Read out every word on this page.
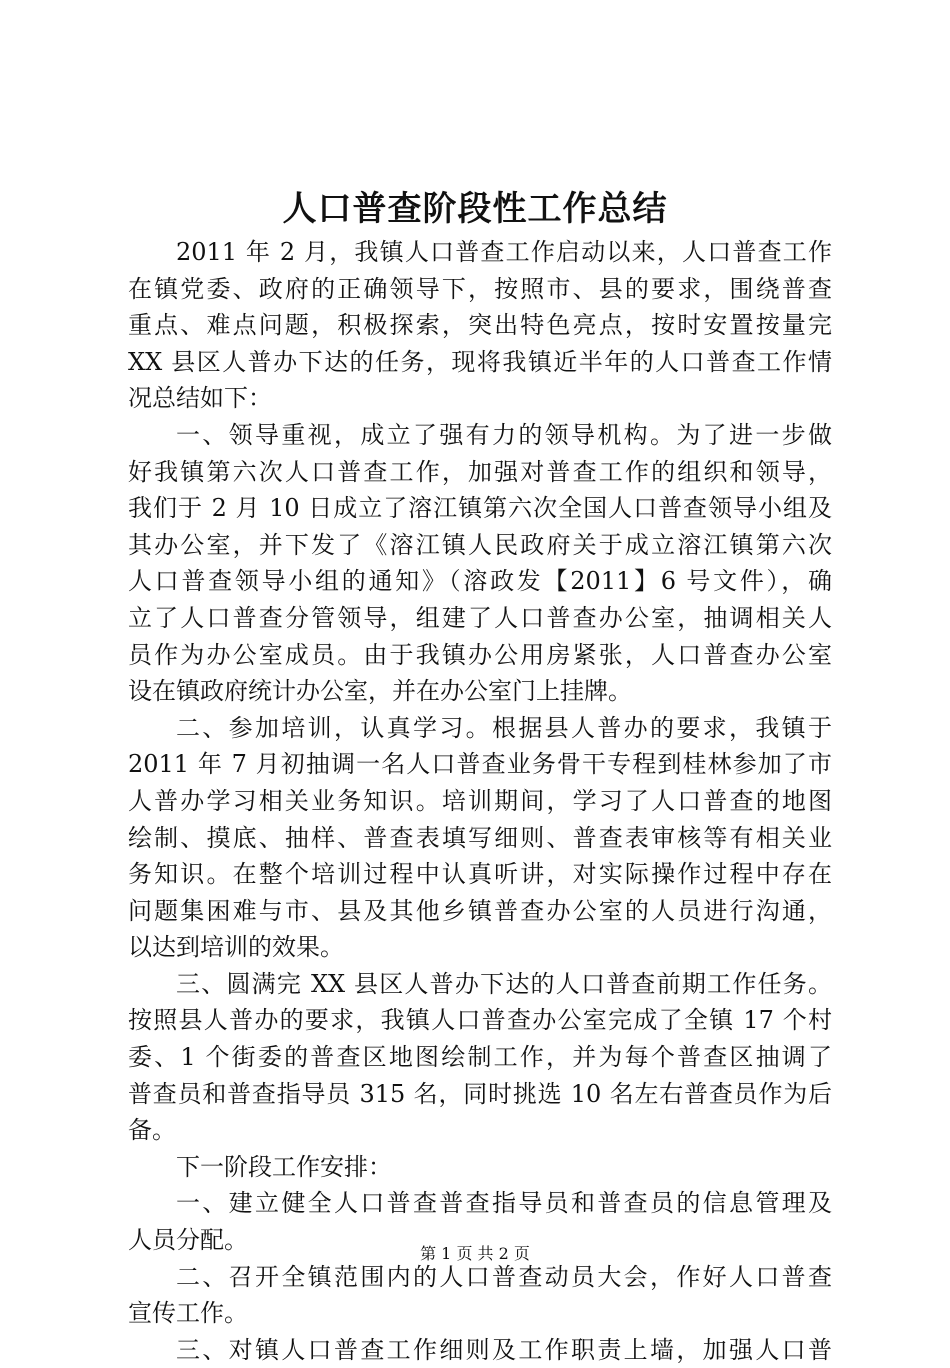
人口普查阶段性工作总结
2011 年 2 月，我镇人口普查工作启动以来，人口普查工作
在镇党委、政府的正确领导下，按照市、县的要求，围绕普查
重点、难点问题，积极探索，突出特色亮点，按时安置按量完
XX 县区人普办下达的任务，现将我镇近半年的人口普查工作情
况总结如下：
一、领导重视，成立了强有力的领导机构。为了进一步做
好我镇第六次人口普查工作，加强对普查工作的组织和领导，
我们于 2 月 10 日成立了溶江镇第六次全国人口普查领导小组及
其办公室，并下发了《溶江镇人民政府关于成立溶江镇第六次
人口普查领导小组的通知》（溶政发【2011】6 号文件），确
立了人口普查分管领导，组建了人口普查办公室，抽调相关人
员作为办公室成员。由于我镇办公用房紧张，人口普查办公室
设在镇政府统计办公室，并在办公室门上挂牌。
二、参加培训，认真学习。根据县人普办的要求，我镇于
2011 年 7 月初抽调一名人口普查业务骨干专程到桂林参加了市
人普办学习相关业务知识。培训期间，学习了人口普查的地图
绘制、摸底、抽样、普查表填写细则、普查表审核等有相关业
务知识。在整个培训过程中认真听讲，对实际操作过程中存在
问题集困难与市、县及其他乡镇普查办公室的人员进行沟通，
以达到培训的效果。
三、圆满完 XX 县区人普办下达的人口普查前期工作任务。
按照县人普办的要求，我镇人口普查办公室完成了全镇 17 个村
委、1 个街委的普查区地图绘制工作，并为每个普查区抽调了
普查员和普查指导员 315 名，同时挑选 10 名左右普查员作为后
备。
下一阶段工作安排：
一、建立健全人口普查普查指导员和普查员的信息管理及
人员分配。
二、召开全镇范围内的人口普查动员大会，作好人口普查
宣传工作。
三、对镇人口普查工作细则及工作职责上墙，加强人口普
第 1 页 共 2 页
